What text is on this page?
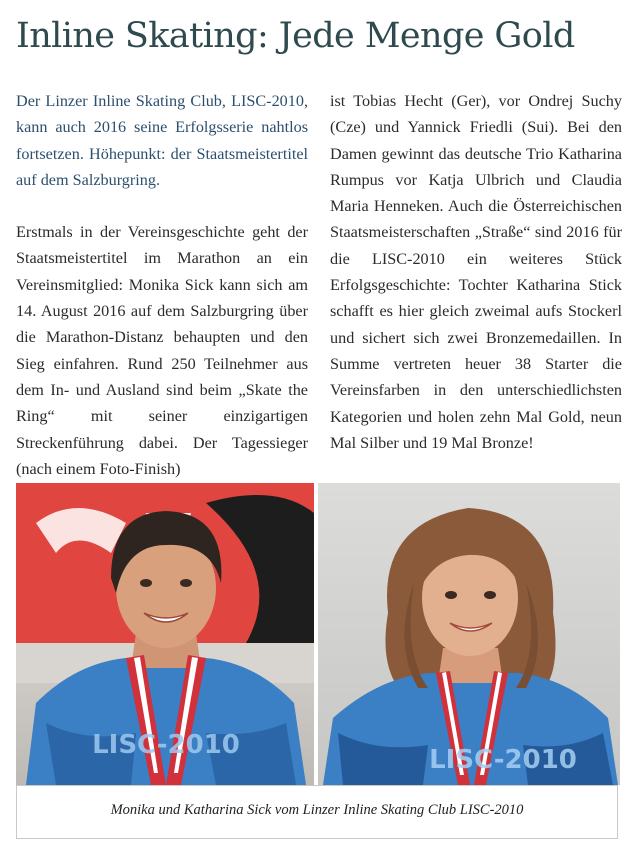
Inline Skating: Jede Menge Gold

Der Linzer Inline Skating Club, LISC-2010, kann auch 2016 seine Erfolgsserie nahtlos fortsetzen. Höhepunkt: der Staatsmeistertitel auf dem Salzburgring.

Erstmals in der Vereinsgeschichte geht der Staatsmeistertitel im Marathon an ein Vereinsmitglied: Monika Sick kann sich am 14. August 2016 auf dem Salzburgring über die Marathon-Distanz behaupten und den Sieg einfahren. Rund 250 Teilnehmer aus dem In- und Ausland sind beim „Skate the Ring“ mit seiner einzigartigen Streckenführung dabei. Der Tagessieger (nach einem Foto-Finish)

ist Tobias Hecht (Ger), vor Ondrej Suchy (Cze) und Yannick Friedli (Sui). Bei den Damen gewinnt das deutsche Trio Katharina Rumpus vor Katja Ulbrich und Claudia Maria Henneken. Auch die Österreichischen Staatsmeisterschaften „Straße“ sind 2016 für die LISC-2010 ein weiteres Stück Erfolgsgeschichte: Tochter Katharina Stick schafft es hier gleich zweimal aufs Stockerl und sichert sich zwei Bronzemedaillen. In Summe vertreten heuer 38 Starter die Vereinsfarben in den unterschiedlichsten Kategorien und holen zehn Mal Gold, neun Mal Silber und 19 Mal Bronze!

LISC-2010	LISC-2010
Monika und Katharina Sick vom Linzer Inline Skating Club LISC-2010
